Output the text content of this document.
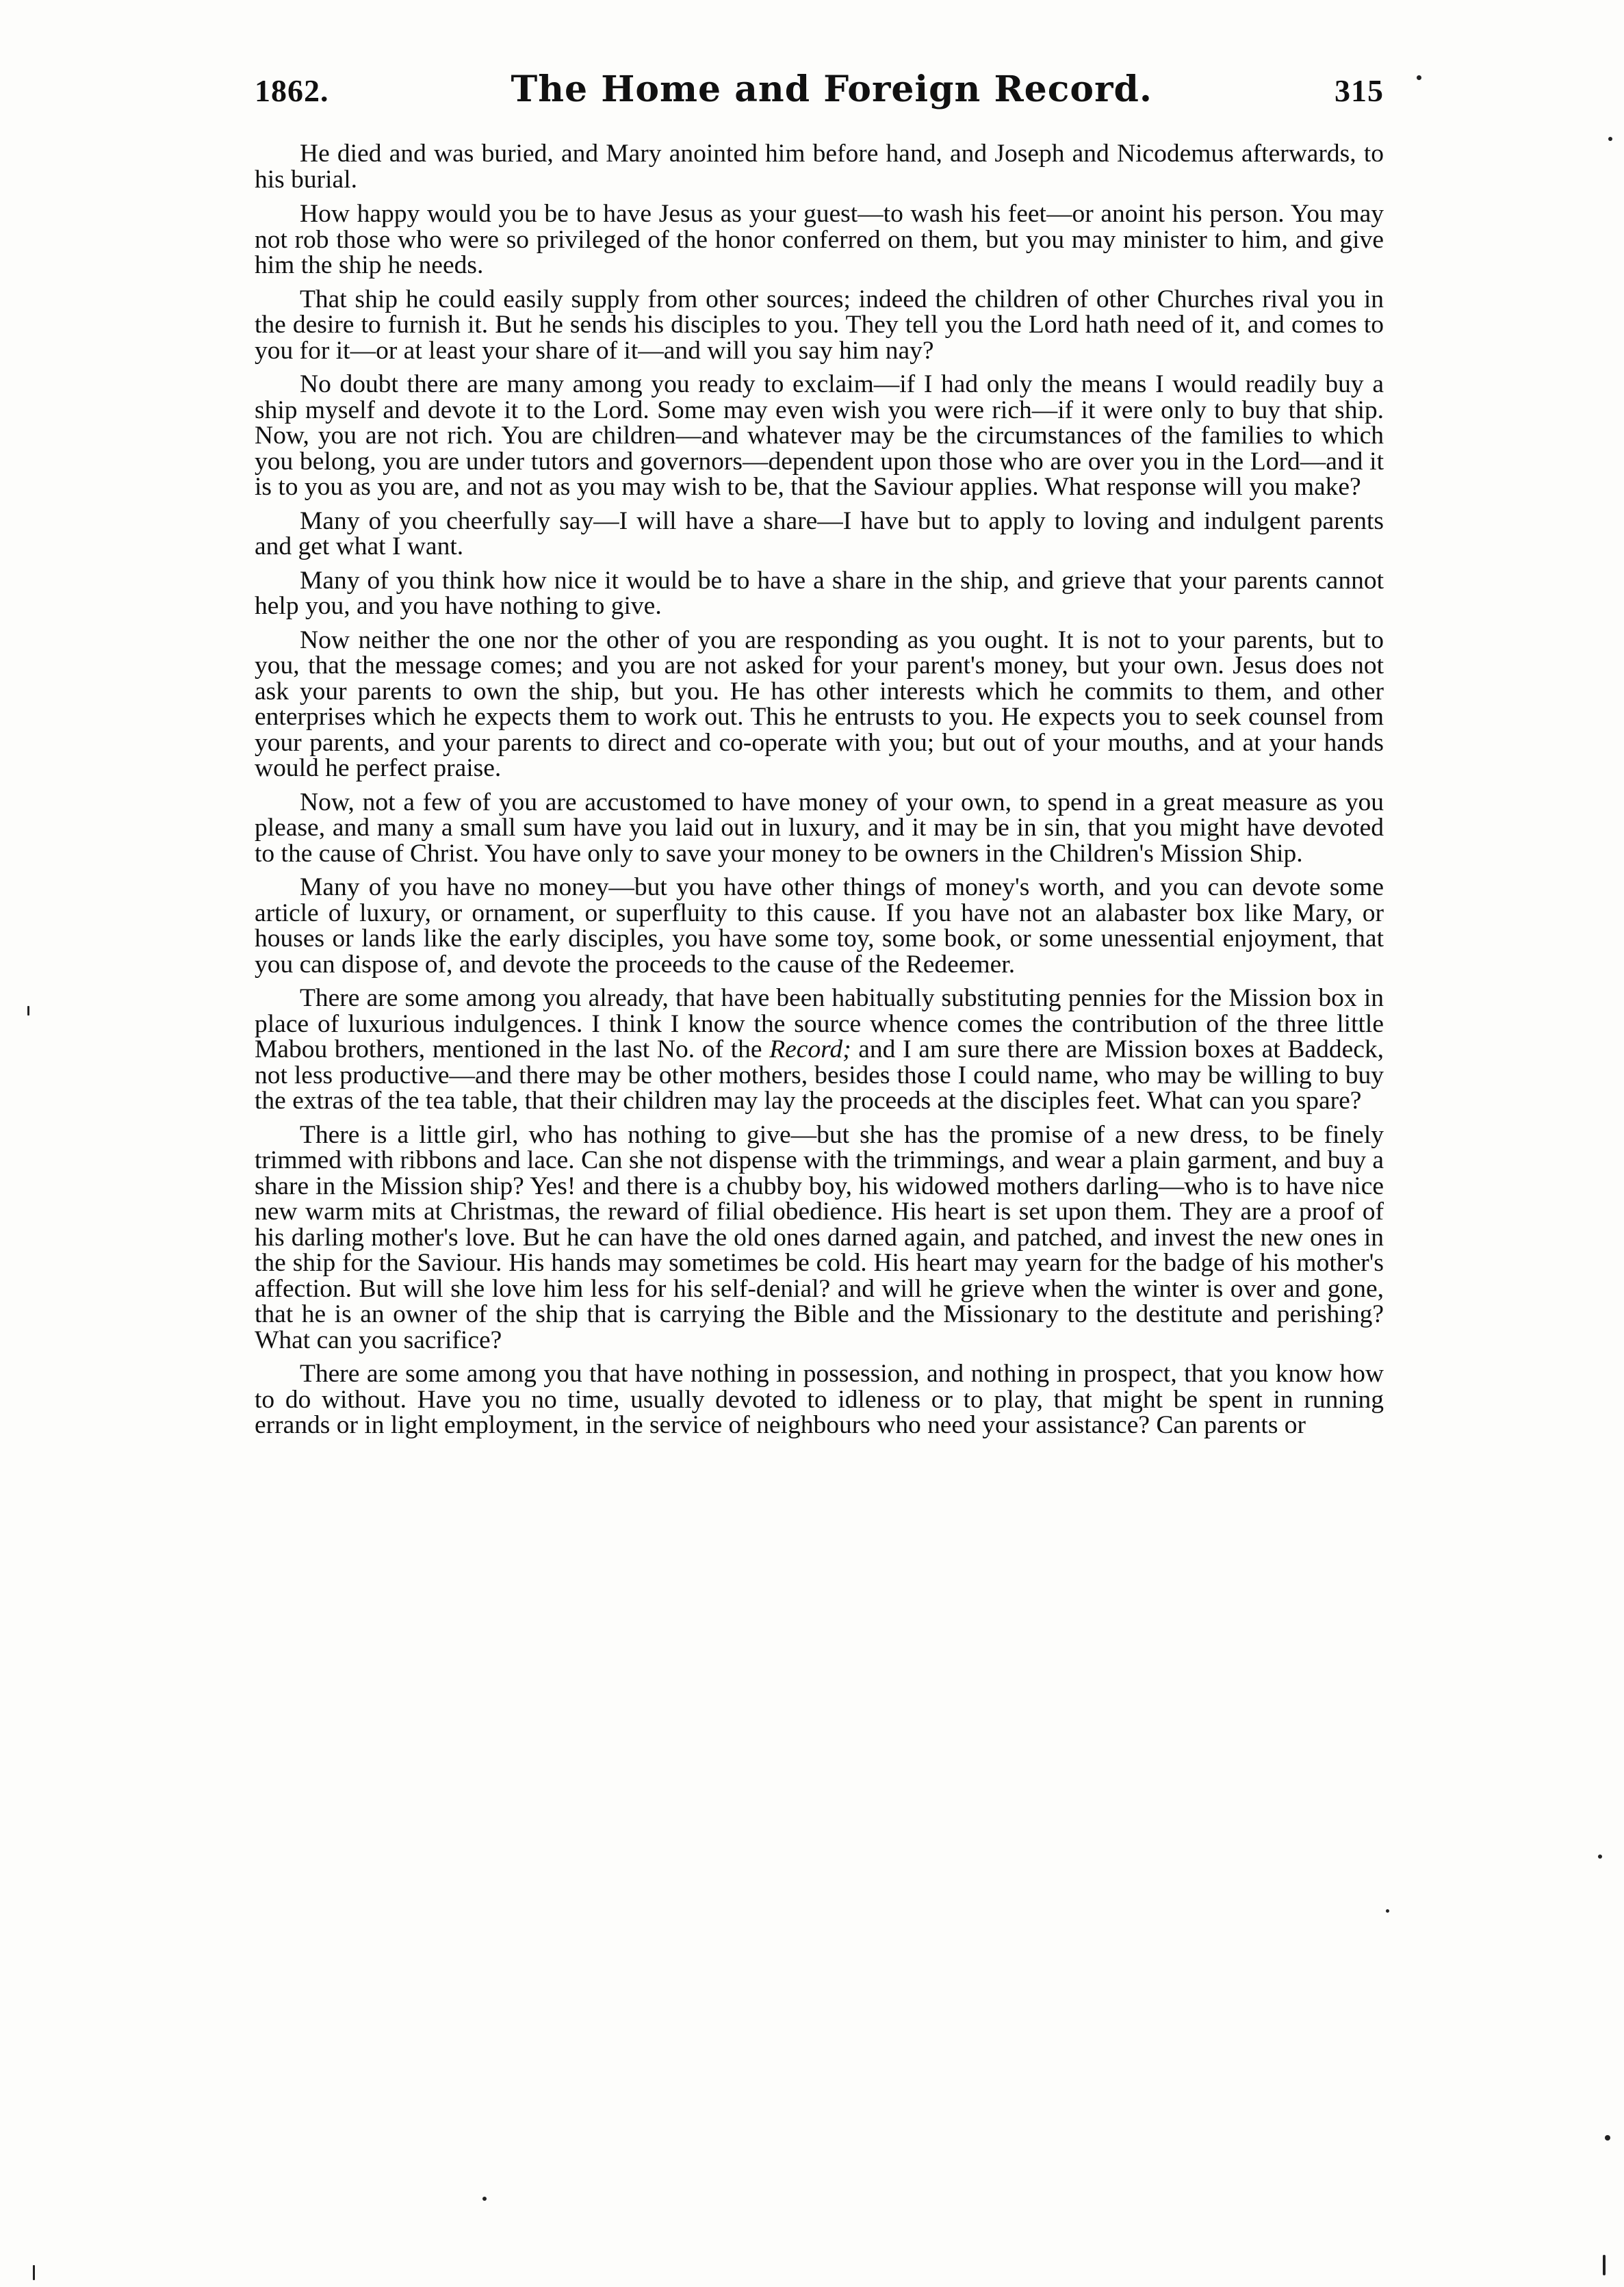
1862.	The Home and Foreign Record.	315

He died and was buried, and Mary anointed him before hand, and Joseph and Nicodemus afterwards, to his burial.

How happy would you be to have Jesus as your guest—to wash his feet—or anoint his person. You may not rob those who were so privileged of the honor conferred on them, but you may minister to him, and give him the ship he needs.

That ship he could easily supply from other sources; indeed the children of other Churches rival you in the desire to furnish it. But he sends his disciples to you. They tell you the Lord hath need of it, and comes to you for it—or at least your share of it—and will you say him nay?

No doubt there are many among you ready to exclaim—if I had only the means I would readily buy a ship myself and devote it to the Lord. Some may even wish you were rich—if it were only to buy that ship. Now, you are not rich. You are children—and whatever may be the circumstances of the families to which you belong, you are under tutors and governors—dependent upon those who are over you in the Lord—and it is to you as you are, and not as you may wish to be, that the Saviour applies. What response will you make?

Many of you cheerfully say—I will have a share—I have but to apply to loving and indulgent parents and get what I want.

Many of you think how nice it would be to have a share in the ship, and grieve that your parents cannot help you, and you have nothing to give.

Now neither the one nor the other of you are responding as you ought. It is not to your parents, but to you, that the message comes; and you are not asked for your parent's money, but your own. Jesus does not ask your parents to own the ship, but you. He has other interests which he commits to them, and other enterprises which he expects them to work out. This he entrusts to you. He expects you to seek counsel from your parents, and your parents to direct and co-operate with you; but out of your mouths, and at your hands would he perfect praise.

Now, not a few of you are accustomed to have money of your own, to spend in a great measure as you please, and many a small sum have you laid out in luxury, and it may be in sin, that you might have devoted to the cause of Christ. You have only to save your money to be owners in the Children's Mission Ship.

Many of you have no money—but you have other things of money's worth, and you can devote some article of luxury, or ornament, or superfluity to this cause. If you have not an alabaster box like Mary, or houses or lands like the early disciples, you have some toy, some book, or some unessential enjoyment, that you can dispose of, and devote the proceeds to the cause of the Redeemer.

There are some among you already, that have been habitually substituting pennies for the Mission box in place of luxurious indulgences. I think I know the source whence comes the contribution of the three little Mabou brothers, mentioned in the last No. of the Record; and I am sure there are Mission boxes at Baddeck, not less productive—and there may be other mothers, besides those I could name, who may be willing to buy the extras of the tea table, that their children may lay the proceeds at the disciples feet. What can you spare?

There is a little girl, who has nothing to give—but she has the promise of a new dress, to be finely trimmed with ribbons and lace. Can she not dispense with the trimmings, and wear a plain garment, and buy a share in the Mission ship? Yes! and there is a chubby boy, his widowed mothers darling—who is to have nice new warm mits at Christmas, the reward of filial obedience. His heart is set upon them. They are a proof of his darling mother's love. But he can have the old ones darned again, and patched, and invest the new ones in the ship for the Saviour. His hands may sometimes be cold. His heart may yearn for the badge of his mother's affection. But will she love him less for his self-denial? and will he grieve when the winter is over and gone, that he is an owner of the ship that is carrying the Bible and the Missionary to the destitute and perishing? What can you sacrifice?

There are some among you that have nothing in possession, and nothing in prospect, that you know how to do without. Have you no time, usually devoted to idleness or to play, that might be spent in running errands or in light employment, in the service of neighbours who need your assistance? Can parents or
